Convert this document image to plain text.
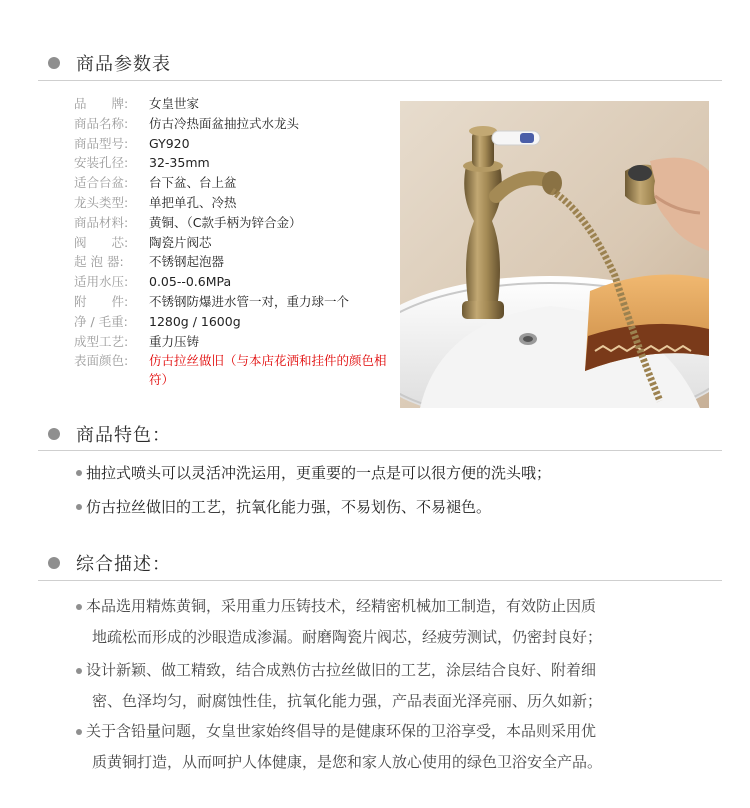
商品参数表
品　　牌:	女皇世家
商品名称:	仿古冷热面盆抽拉式水龙头
商品型号:	GY920
安装孔径:	32-35mm
适合台盆:	台下盆、台上盆
龙头类型:	单把单孔、冷热
商品材料:	黄铜、（C款手柄为锌合金）
阀　　芯:	陶瓷片阀芯
起 泡 器:	不锈钢起泡器
适用水压:	0.05--0.6MPa
附　　件:	不锈钢防爆进水管一对，重力球一个
净 / 毛重:	1280g / 1600g
成型工艺:	重力压铸
表面颜色:	仿古拉丝做旧（与本店花洒和挂件的颜色相符）
商品特色：
抽拉式喷头可以灵活冲洗运用，更重要的一点是可以很方便的洗头哦；
仿古拉丝做旧的工艺，抗氧化能力强，不易划伤、不易褪色。
综合描述：
本品选用精炼黄铜，采用重力压铸技术，经精密机械加工制造，有效防止因质
地疏松而形成的沙眼造成渗漏。耐磨陶瓷片阀芯，经疲劳测试，仍密封良好；
设计新颖、做工精致，结合成熟仿古拉丝做旧的工艺，涂层结合良好、附着细
密、色泽均匀，耐腐蚀性佳，抗氧化能力强，产品表面光泽亮丽、历久如新；
关于含铅量问题，女皇世家始终倡导的是健康环保的卫浴享受，本品则采用优
质黄铜打造，从而呵护人体健康，是您和家人放心使用的绿色卫浴安全产品。
